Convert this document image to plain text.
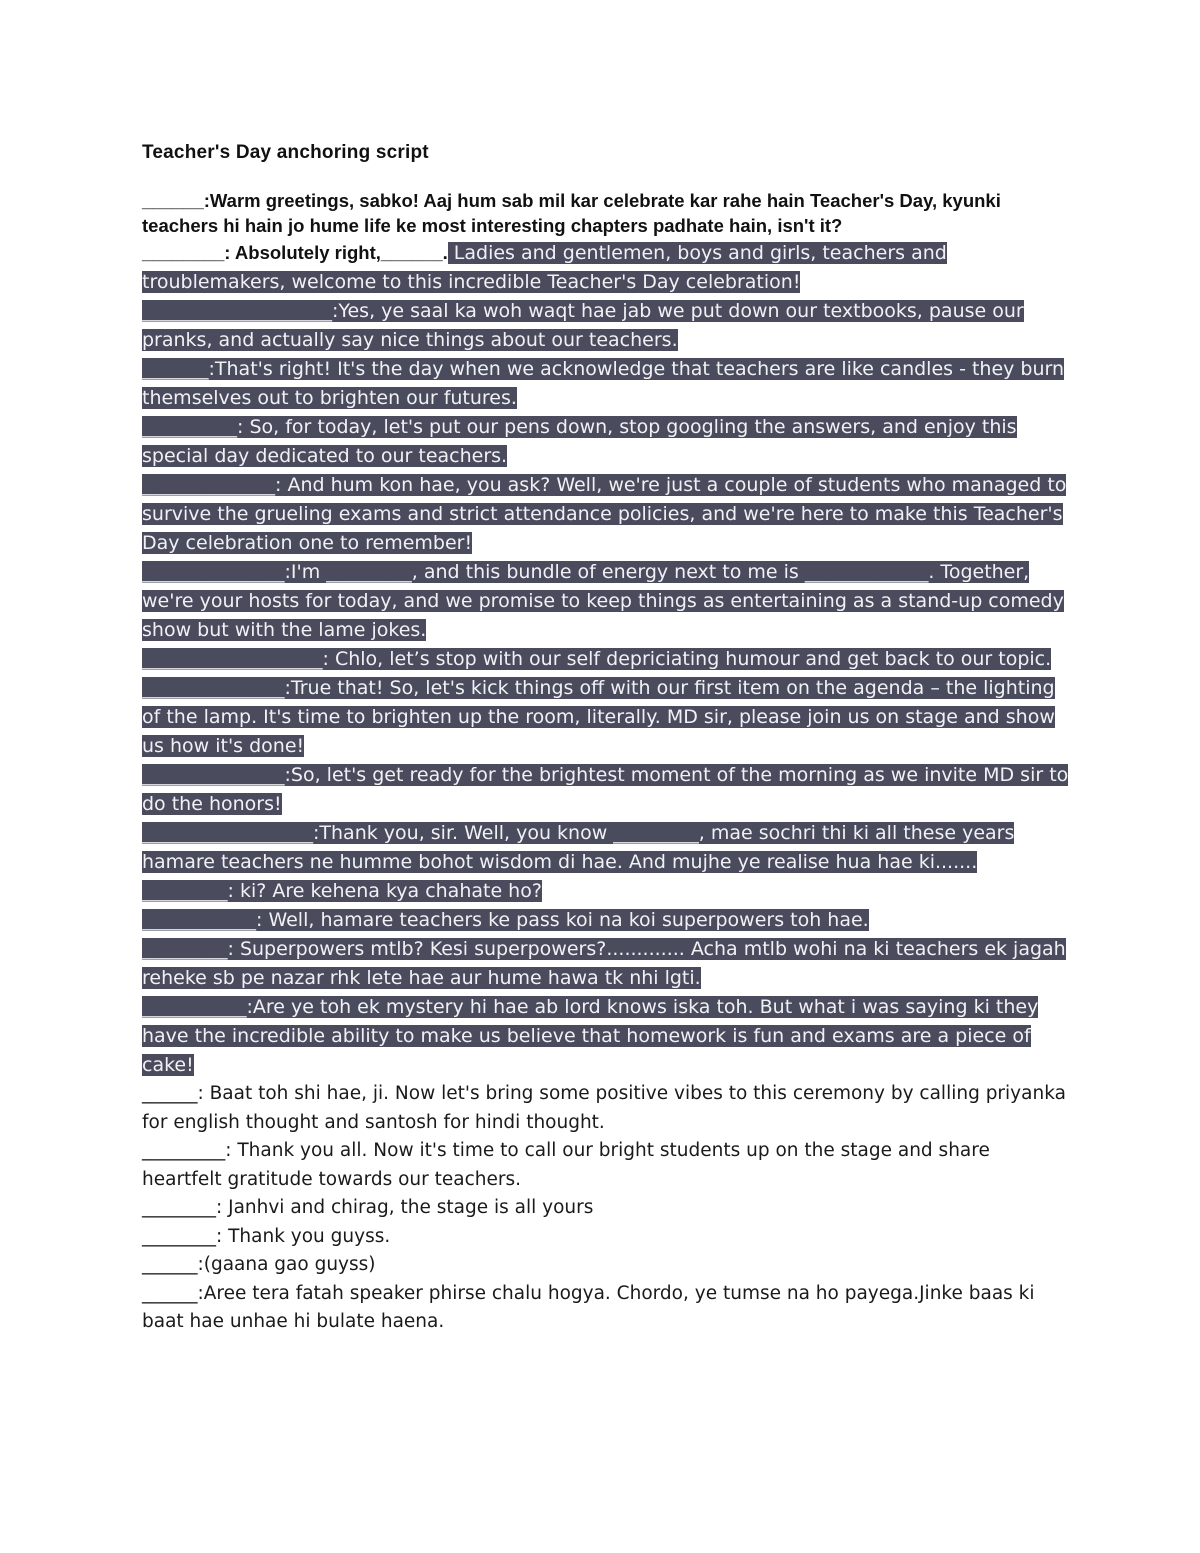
Teacher's Day anchoring script

______:Warm greetings, sabko! Aaj hum sab mil kar celebrate kar rahe hain Teacher's Day, kyunki teachers hi hain jo hume life ke most interesting chapters padhate hain, isn't it?

________: Absolutely right,______. Ladies and gentlemen, boys and girls, teachers and troublemakers, welcome to this incredible Teacher's Day celebration!
____________________:Yes, ye saal ka woh waqt hae jab we put down our textbooks, pause our pranks, and actually say nice things about our teachers.
_______:That's right! It's the day when we acknowledge that teachers are like candles - they burn themselves out to brighten our futures.
__________: So, for today, let's put our pens down, stop googling the answers, and enjoy this special day dedicated to our teachers.
______________: And hum kon hae, you ask? Well, we're just a couple of students who managed to survive the grueling exams and strict attendance policies, and we're here to make this Teacher's Day celebration one to remember!
_______________:I'm _________, and this bundle of energy next to me is _____________. Together, we're your hosts for today, and we promise to keep things as entertaining as a stand-up comedy show but with the lame jokes.
___________________: Chlo, let’s stop with our self depriciating humour and get back to our topic.
_______________:True that! So, let's kick things off with our first item on the agenda – the lighting of the lamp. It's time to brighten up the room, literally. MD sir, please join us on stage and show us how it's done!
_______________:So, let's get ready for the brightest moment of the morning as we invite MD sir to do the honors!
__________________:Thank you, sir. Well, you know _________, mae sochri thi ki all these years hamare teachers ne humme bohot wisdom di hae. And mujhe ye realise hua hae ki.......
_________: ki? Are kehena kya chahate ho?
____________: Well, hamare teachers ke pass koi na koi superpowers toh hae.
_________: Superpowers mtlb? Kesi superpowers?............. Acha mtlb wohi na ki teachers ek jagah reheke sb pe nazar rhk lete hae aur hume hawa tk nhi lgti.
___________:Are ye toh ek mystery hi hae ab lord knows iska toh. But what i was saying ki they have the incredible ability to make us believe that homework is fun and exams are a piece of cake!
______: Baat toh shi hae, ji. Now let's bring some positive vibes to this ceremony by calling priyanka for english thought and santosh for hindi thought.
_________: Thank you all. Now it's time to call our bright students up on the stage and share heartfelt gratitude towards our teachers.
________: Janhvi and chirag, the stage is all yours
________: Thank you guyss.
______:(gaana gao guyss)
______:Aree tera fatah speaker phirse chalu hogya. Chordo, ye tumse na ho payega.Jinke baas ki baat hae unhae hi bulate haena.
